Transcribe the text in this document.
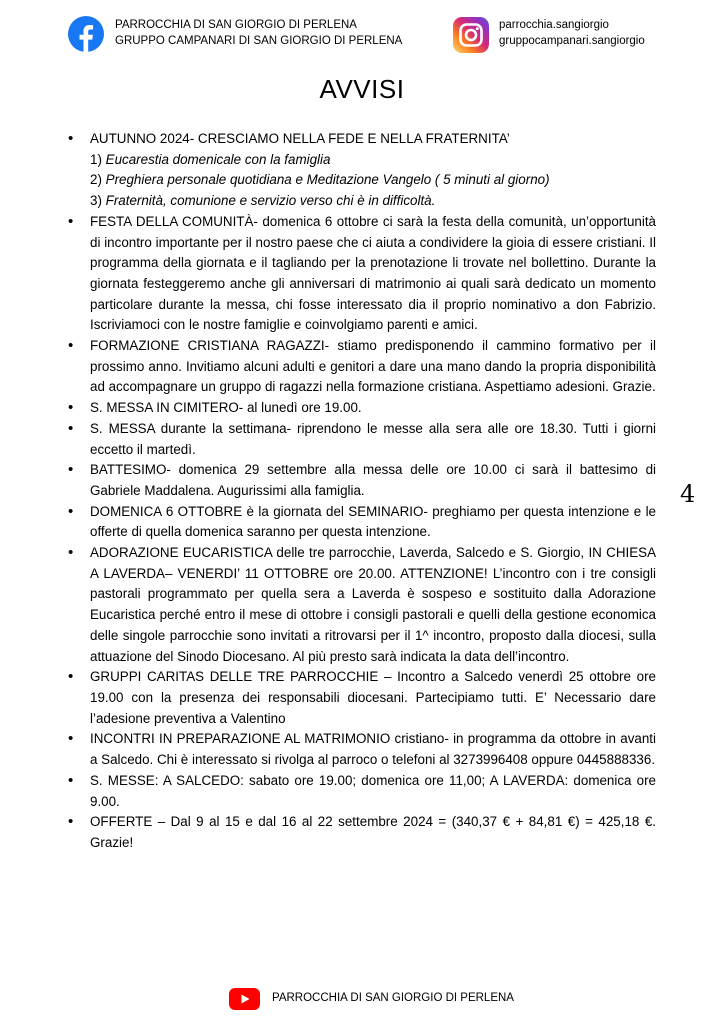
PARROCCHIA DI SAN GIORGIO DI PERLENA
GRUPPO CAMPANARI DI SAN GIORGIO DI PERLENA
parrocchia.sangiorgio
gruppocampanari.sangiorgio
AVVISI
• AUTUNNO 2024- CRESCIAMO NELLA FEDE E NELLA FRATERNITA’
1) Eucarestia domenicale con la famiglia
2) Preghiera personale quotidiana e Meditazione Vangelo ( 5 minuti al giorno)
3) Fraternità, comunione e servizio verso chi è in difficoltà.
• FESTA DELLA COMUNITÀ- domenica 6 ottobre ci sarà la festa della comunità, un’opportunità di incontro importante per il nostro paese che ci aiuta a condividere la gioia di essere cristiani. Il programma della giornata e il tagliando per la prenotazione li trovate nel bollettino. Durante la giornata festeggeremo anche gli anniversari di matrimonio ai quali sarà dedicato un momento particolare durante la messa, chi fosse interessato dia il proprio nominativo a don Fabrizio. Iscriviamoci con le nostre famiglie e coinvolgiamo parenti e amici.
• FORMAZIONE CRISTIANA RAGAZZI- stiamo predisponendo il cammino formativo per il prossimo anno. Invitiamo alcuni adulti e genitori a dare una mano dando la propria disponibilità ad accompagnare un gruppo di ragazzi nella formazione cristiana. Aspettiamo adesioni. Grazie.
• S. MESSA IN CIMITERO- al lunedì ore 19.00.
• S. MESSA durante la settimana- riprendono le messe alla sera alle ore 18.30. Tutti i giorni eccetto il martedì.
• BATTESIMO- domenica 29 settembre alla messa delle ore 10.00 ci sarà il battesimo di Gabriele Maddalena. Augurissimi alla famiglia.
• DOMENICA 6 OTTOBRE è la giornata del SEMINARIO- preghiamo per questa intenzione e le offerte di quella domenica saranno per questa intenzione.
• ADORAZIONE EUCARISTICA delle tre parrocchie, Laverda, Salcedo e S. Giorgio, IN CHIESA A LAVERDA– VENERDI’ 11 OTTOBRE ore 20.00. ATTENZIONE! L’incontro con i tre consigli pastorali programmato per quella sera a Laverda è sospeso e sostituito dalla Adorazione Eucaristica perché entro il mese di ottobre i consigli pastorali e quelli della gestione economica delle singole parrocchie sono invitati a ritrovarsi per il 1^ incontro, proposto dalla diocesi, sulla attuazione del Sinodo Diocesano. Al più presto sarà indicata la data dell’incontro.
• GRUPPI CARITAS DELLE TRE PARROCCHIE – Incontro a Salcedo venerdì 25 ottobre ore 19.00 con la presenza dei responsabili diocesani. Partecipiamo tutti. E’ Necessario dare l’adesione preventiva a Valentino
• INCONTRI IN PREPARAZIONE AL MATRIMONIO cristiano- in programma da ottobre in avanti a Salcedo. Chi è interessato si rivolga al parroco o telefoni al 3273996408 oppure 0445888336.
• S. MESSE: A SALCEDO: sabato ore 19.00; domenica ore 11,00; A LAVERDA: domenica ore 9.00.
• OFFERTE – Dal 9 al 15 e dal 16 al 22 settembre 2024 = (340,37 € + 84,81 €) = 425,18 €. Grazie!
4
PARROCCHIA DI SAN GIORGIO DI PERLENA
